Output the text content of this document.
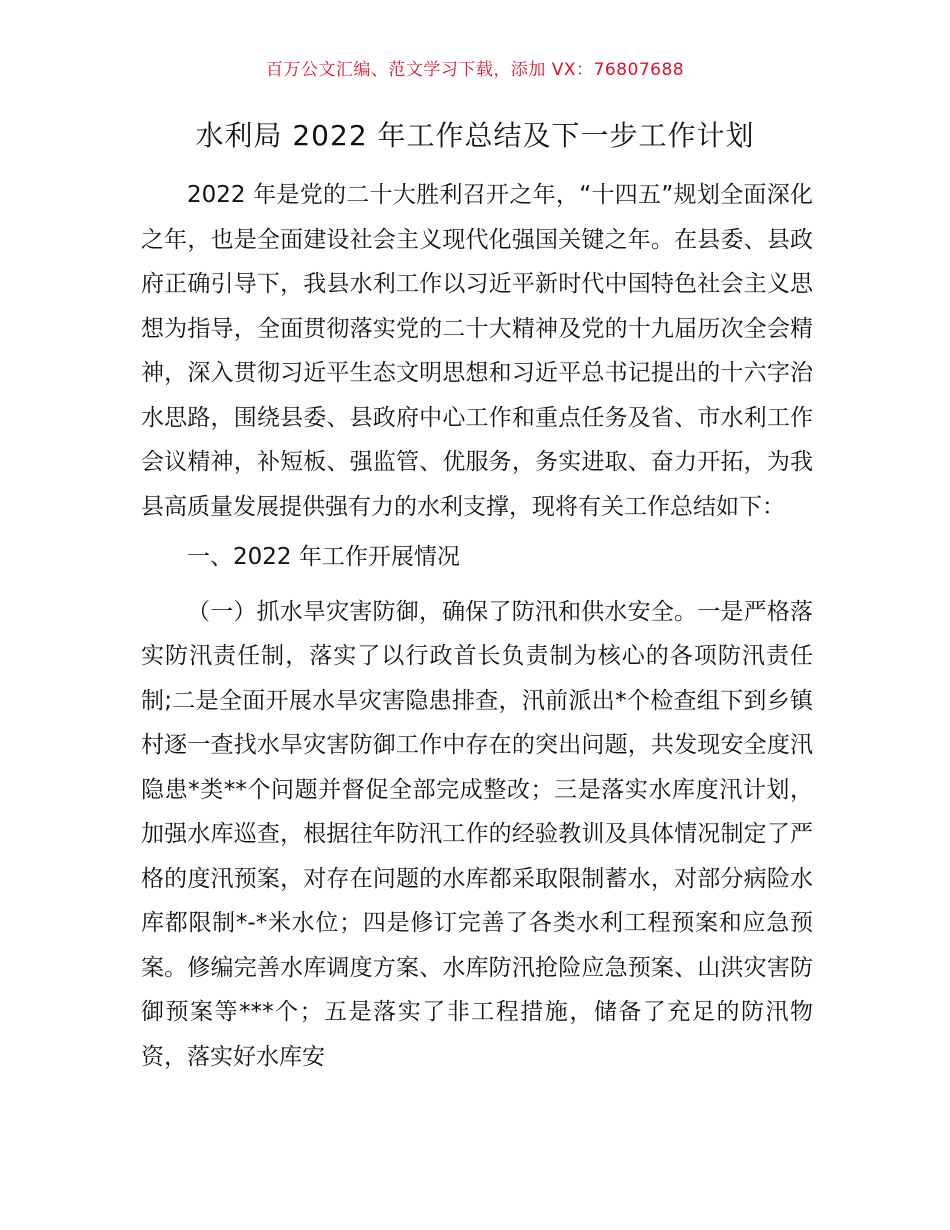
百万公文汇编、范文学习下载，添加 VX：76807688
水利局 2022 年工作总结及下一步工作计划

2022 年是党的二十大胜利召开之年，“十四五”规划全面深化之年，也是全面建设社会主义现代化强国关键之年。在县委、县政府正确引导下，我县水利工作以习近平新时代中国特色社会主义思想为指导，全面贯彻落实党的二十大精神及党的十九届历次全会精神，深入贯彻习近平生态文明思想和习近平总书记提出的十六字治水思路，围绕县委、县政府中心工作和重点任务及省、市水利工作会议精神，补短板、强监管、优服务，务实进取、奋力开拓，为我县高质量发展提供强有力的水利支撑，现将有关工作总结如下：

一、2022 年工作开展情况

（一）抓水旱灾害防御，确保了防汛和供水安全。一是严格落实防汛责任制，落实了以行政首长负责制为核心的各项防汛责任制;二是全面开展水旱灾害隐患排查，汛前派出*个检查组下到乡镇村逐一查找水旱灾害防御工作中存在的突出问题，共发现安全度汛隐患*类**个问题并督促全部完成整改；三是落实水库度汛计划，加强水库巡查，根据往年防汛工作的经验教训及具体情况制定了严格的度汛预案，对存在问题的水库都采取限制蓄水，对部分病险水库都限制*-*米水位；四是修订完善了各类水利工程预案和应急预案。修编完善水库调度方案、水库防汛抢险应急预案、山洪灾害防御预案等***个；五是落实了非工程措施，储备了充足的防汛物资，落实好水库安
